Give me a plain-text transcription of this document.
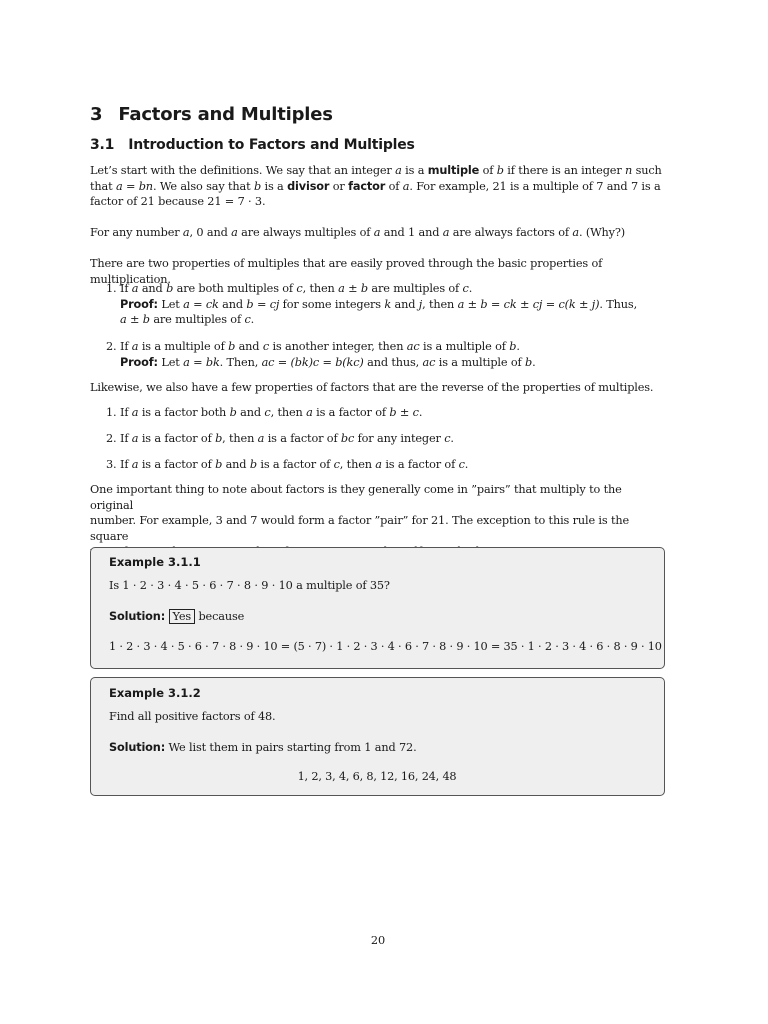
3 Factors and Multiples
3.1 Introduction to Factors and Multiples
Let’s start with the definitions. We say that an integer a is a multiple of b if there is an integer n such
that a = bn. We also say that b is a divisor or factor of a. For example, 21 is a multiple of 7 and 7 is a
factor of 21 because 21 = 7 · 3.
For any number a, 0 and a are always multiples of a and 1 and a are always factors of a. (Why?)
There are two properties of multiples that are easily proved through the basic properties of multiplication.
1. If a and b are both multiples of c, then a ± b are multiples of c.
Proof: Let a = ck and b = cj for some integers k and j, then a ± b = ck ± cj = c(k ± j). Thus,
a ± b are multiples of c.
2. If a is a multiple of b and c is another integer, then ac is a multiple of b.
Proof: Let a = bk. Then, ac = (bk)c = b(kc) and thus, ac is a multiple of b.
Likewise, we also have a few properties of factors that are the reverse of the properties of multiples.
1. If a is a factor both b and c, then a is a factor of b ± c.
2. If a is a factor of b, then a is a factor of bc for any integer c.
3. If a is a factor of b and b is a factor of c, then a is a factor of c.
One important thing to note about factors is they generally come in ”pairs” that multiply to the original
number. For example, 3 and 7 would form a factor ”pair” for 21. The exception to this rule is the square

Example 3.1.1
Is 1 · 2 · 3 · 4 · 5 · 6 · 7 · 8 · 9 · 10 a multiple of 35?
Solution: Yes because
1 · 2 · 3 · 4 · 5 · 6 · 7 · 8 · 9 · 10 = (5 · 7) · 1 · 2 · 3 · 4 · 6 · 7 · 8 · 9 · 10 = 35 · 1 · 2 · 3 · 4 · 6 · 8 · 9 · 10
Example 3.1.2
Find all positive factors of 48.
Solution: We list them in pairs starting from 1 and 72.
1, 2, 3, 4, 6, 8, 12, 16, 24, 48
20
